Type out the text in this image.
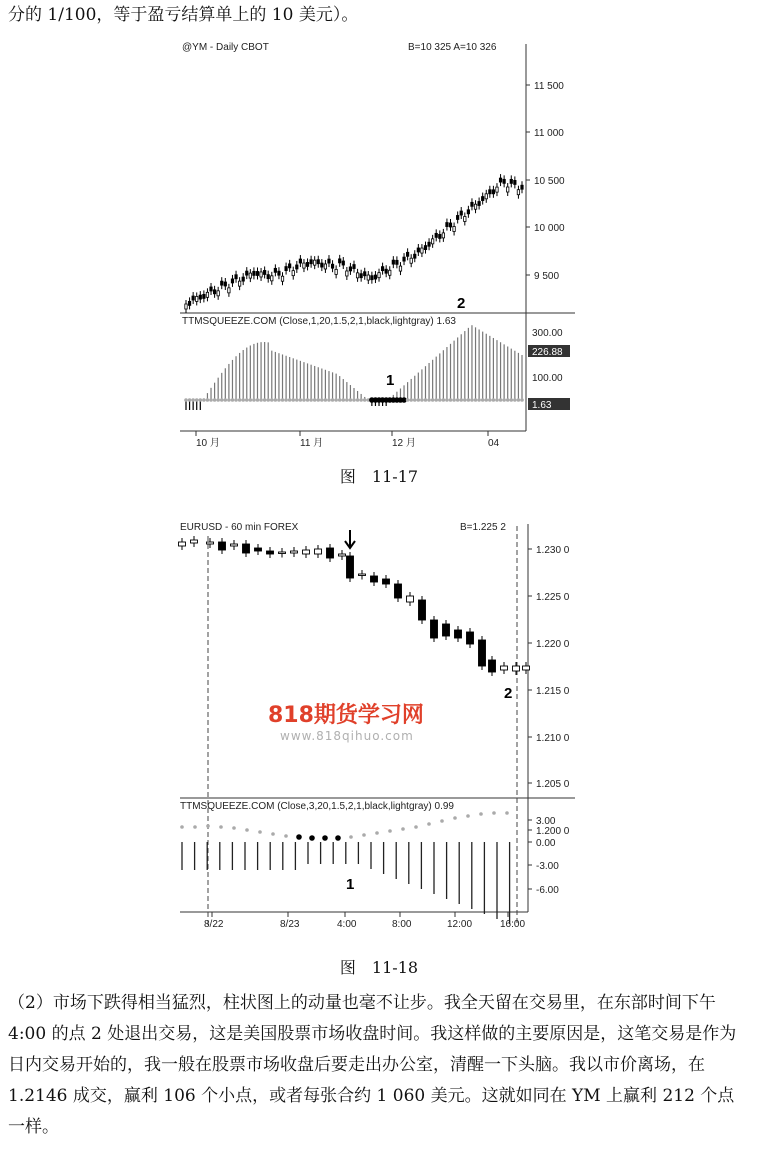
分的 1/100，等于盈亏结算单上的 10 美元）。
@YM - Daily CBOT	B=10 325 A=10 326
11 500
11 000
10 500
10 000
9 500
TTMSQUEEZE.COM (Close,1,20,1.5,2,1,black,lightgray) 1.63
2
1
300.00
100.00
226.88
1.63
10 月	11 月	12 月	04
图　11-17
EURUSD - 60 min FOREX	B=1.225 2
1.230 0
1.225 0
1.220 0
1.215 0
1.210 0
1.205 0
1.200 0
2
TTMSQUEEZE.COM (Close,3,20,1.5,2,1,black,lightgray) 0.99
1
3.00
0.00
-3.00
-6.00
8/22	8/23	4:00	8:00	12:00	16:00
818期货学习网
www.818qihuo.com
图　11-18
（2）市场下跌得相当猛烈，柱状图上的动量也毫不让步。我全天留在交易里，在东部时间下午 4:00 的点 2 处退出交易，这是美国股票市场收盘时间。我这样做的主要原因是，这笔交易是作为日内交易开始的，我一般在股票市场收盘后要走出办公室，清醒一下头脑。我以市价离场，在 1.2146 成交，赢利 106 个小点，或者每张合约 1 060 美元。这就如同在 YM 上赢利 212 个点一样。
